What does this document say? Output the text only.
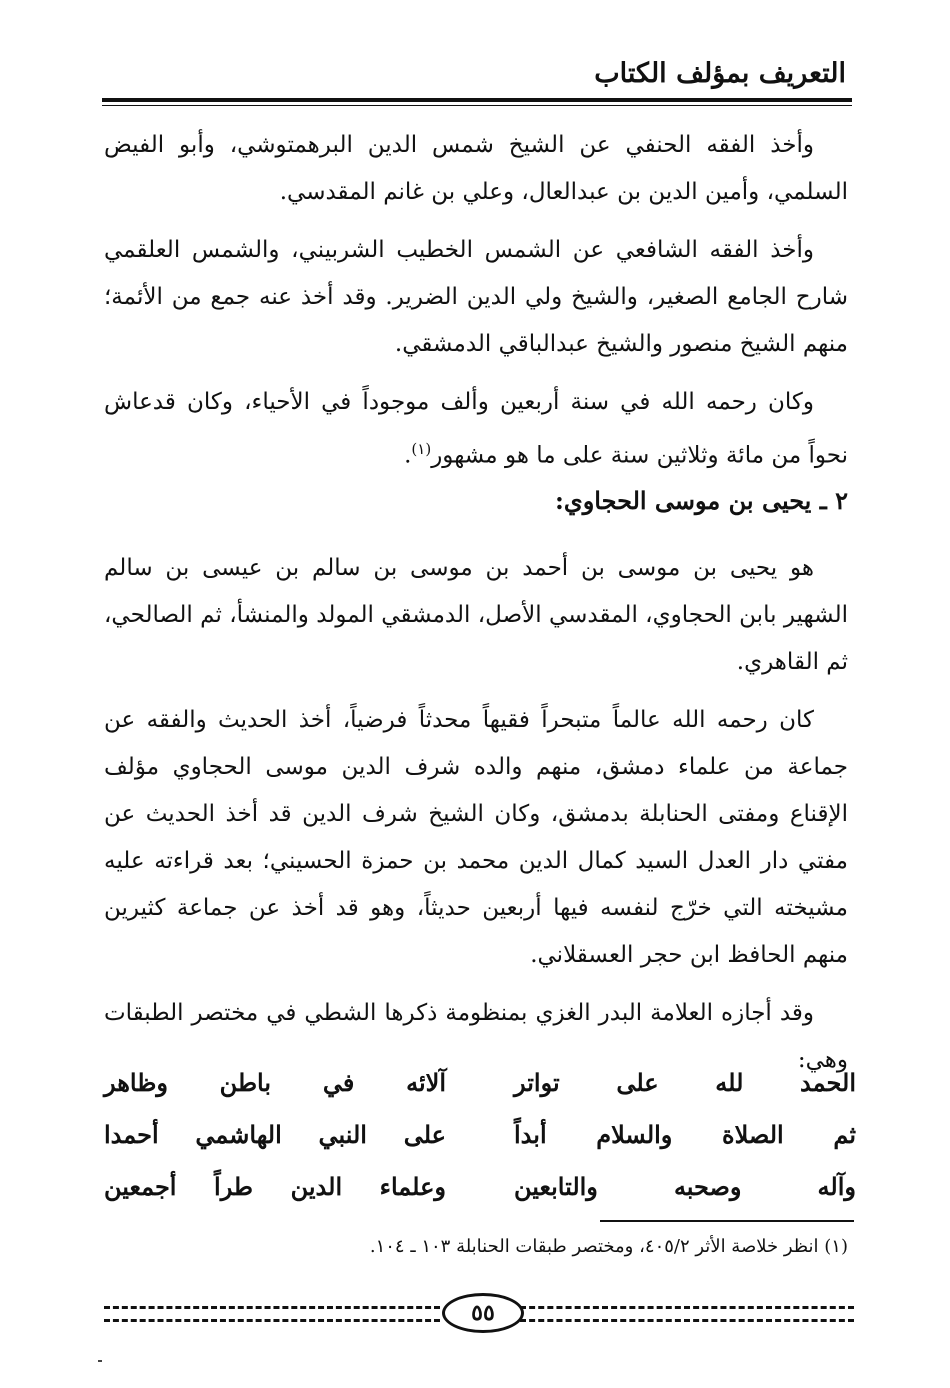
التعريف بمؤلف الكتاب

وأخذ الفقه الحنفي عن الشيخ شمس الدين البرهمتوشي، وأبو الفيض السلمي، وأمين الدين بن عبدالعال، وعلي بن غانم المقدسي.

وأخذ الفقه الشافعي عن الشمس الخطيب الشربيني، والشمس العلقمي شارح الجامع الصغير، والشيخ ولي الدين الضرير. وقد أخذ عنه جمع من الأئمة؛ منهم الشيخ منصور والشيخ عبدالباقي الدمشقي.

وكان رحمه الله في سنة أربعين وألف موجوداً في الأحياء، وكان قدعاش نحواً من مائة وثلاثين سنة على ما هو مشهور$^{(١)}$.

٢ ـ يحيى بن موسى الحجاوي:

هو يحيى بن موسى بن أحمد بن موسى بن سالم بن عيسى بن سالم الشهير بابن الحجاوي، المقدسي الأصل، الدمشقي المولد والمنشأ، ثم الصالحي، ثم القاهري.

كان رحمه الله عالماً متبحراً فقيهاً محدثاً فرضياً، أخذ الحديث والفقه عن جماعة من علماء دمشق، منهم والده شرف الدين موسى الحجاوي مؤلف الإقناع ومفتى الحنابلة بدمشق، وكان الشيخ شرف الدين قد أخذ الحديث عن مفتي دار العدل السيد كمال الدين محمد بن حمزة الحسيني؛ بعد قراءته عليه مشيخته التي خرّج لنفسه فيها أربعين حديثاً، وهو قد أخذ عن جماعة كثيرين منهم الحافظ ابن حجر العسقلاني.

وقد أجازه العلامة البدر الغزي بمنظومة ذكرها الشطي في مختصر الطبقات وهي:

الحمد لله على تواتر
آلائه في باطن وظاهر
ثم الصلاة والسلام أبداً
على النبي الهاشمي أحمدا
وآله وصحبه والتابعين
وعلماء الدين طراً أجمعين
(١) انظر خلاصة الأثر ٤٠٥/٢، ومختصر طبقات الحنابلة ١٠٣ ـ ١٠٤.
٥٥
